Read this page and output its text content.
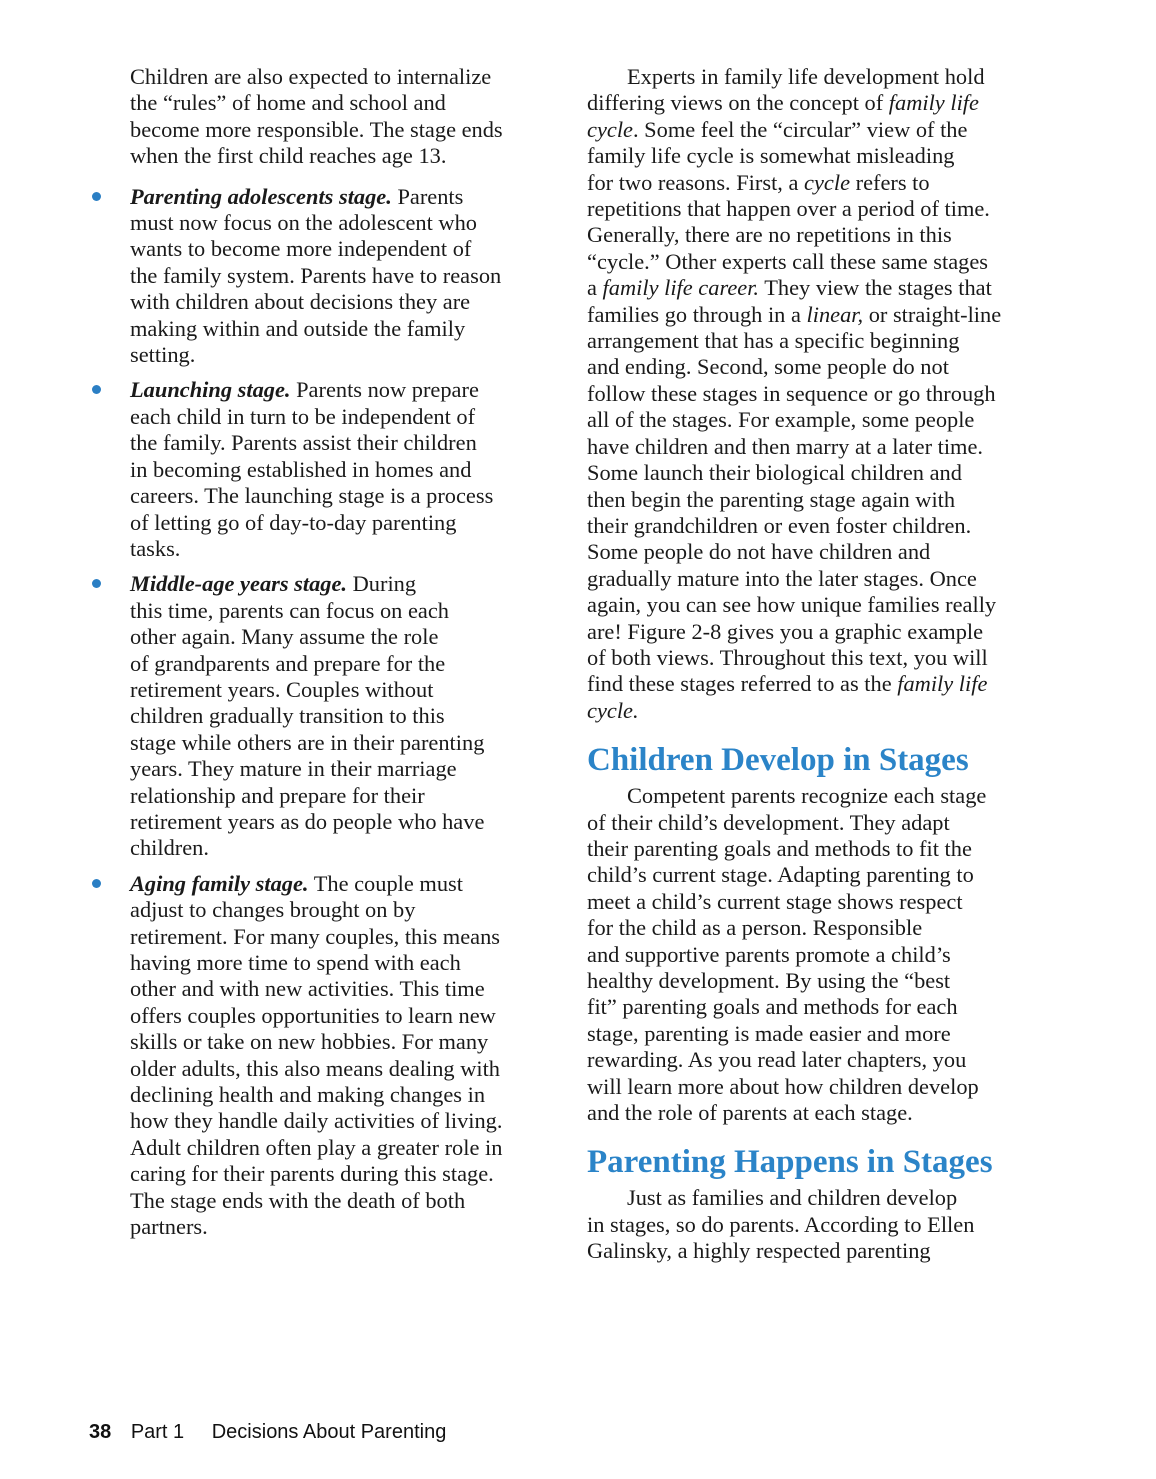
Children are also expected to internalize
the “rules” of home and school and
become more responsible. The stage ends
when the first child reaches age 13.
Parenting adolescents stage. Parents
must now focus on the adolescent who
wants to become more independent of
the family system. Parents have to reason
with children about decisions they are
making within and outside the family
setting.
Launching stage. Parents now prepare
each child in turn to be independent of
the family. Parents assist their children
in becoming established in homes and
careers. The launching stage is a process
of letting go of day-to-day parenting
tasks.
Middle-age years stage. During
this time, parents can focus on each
other again. Many assume the role
of grandparents and prepare for the
retirement years. Couples without
children gradually transition to this
stage while others are in their parenting
years. They mature in their marriage
relationship and prepare for their
retirement years as do people who have
children.
Aging family stage. The couple must
adjust to changes brought on by
retirement. For many couples, this means
having more time to spend with each
other and with new activities. This time
offers couples opportunities to learn new
skills or take on new hobbies. For many
older adults, this also means dealing with
declining health and making changes in
how they handle daily activities of living.
Adult children often play a greater role in
caring for their parents during this stage.
The stage ends with the death of both
partners.
Experts in family life development hold
differing views on the concept of family life
cycle. Some feel the “circular” view of the
family life cycle is somewhat misleading
for two reasons. First, a cycle refers to
repetitions that happen over a period of time.
Generally, there are no repetitions in this
“cycle.” Other experts call these same stages
a family life career. They view the stages that
families go through in a linear, or straight-line
arrangement that has a specific beginning
and ending. Second, some people do not
follow these stages in sequence or go through
all of the stages. For example, some people
have children and then marry at a later time.
Some launch their biological children and
then begin the parenting stage again with
their grandchildren or even foster children.
Some people do not have children and
gradually mature into the later stages. Once
again, you can see how unique families really
are! Figure 2-8 gives you a graphic example
of both views. Throughout this text, you will
find these stages referred to as the family life
cycle.
Children Develop in Stages
Competent parents recognize each stage
of their child’s development. They adapt
their parenting goals and methods to fit the
child’s current stage. Adapting parenting to
meet a child’s current stage shows respect
for the child as a person. Responsible
and supportive parents promote a child’s
healthy development. By using the “best
fit” parenting goals and methods for each
stage, parenting is made easier and more
rewarding. As you read later chapters, you
will learn more about how children develop
and the role of parents at each stage.
Parenting Happens in Stages
Just as families and children develop
in stages, so do parents. According to Ellen
Galinsky, a highly respected parenting
38 Part 1 Decisions About Parenting
